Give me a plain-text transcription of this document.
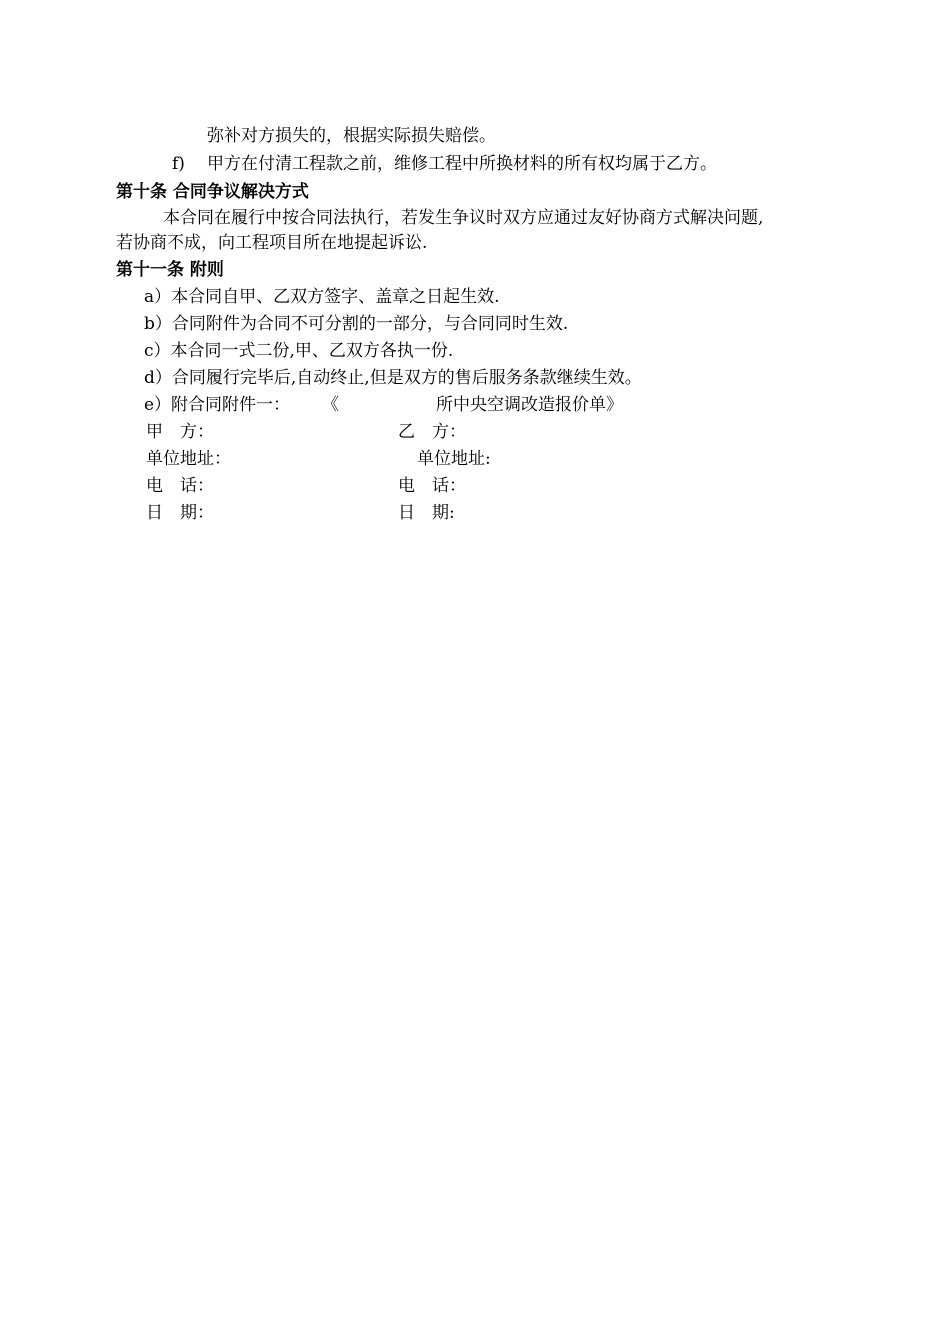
弥补对方损失的，根据实际损失赔偿。
f) 甲方在付清工程款之前，维修工程中所换材料的所有权均属于乙方。
第十条 合同争议解决方式
本合同在履行中按合同法执行，若发生争议时双方应通过友好协商方式解决问题,
若协商不成，向工程项目所在地提起诉讼.
第十一条 附则
a）本合同自甲、乙双方签字、盖章之日起生效.
b）合同附件为合同不可分割的一部分，与合同同时生效.
c）本合同一式二份,甲、乙双方各执一份.
d）合同履行完毕后,自动终止,但是双方的售后服务条款继续生效。
e）附合同附件一： 《	所中央空调改造报价单》
甲　方：	乙　方：
单位地址：	单位地址:
电　话：	电　话：
日　期：	日　期:
